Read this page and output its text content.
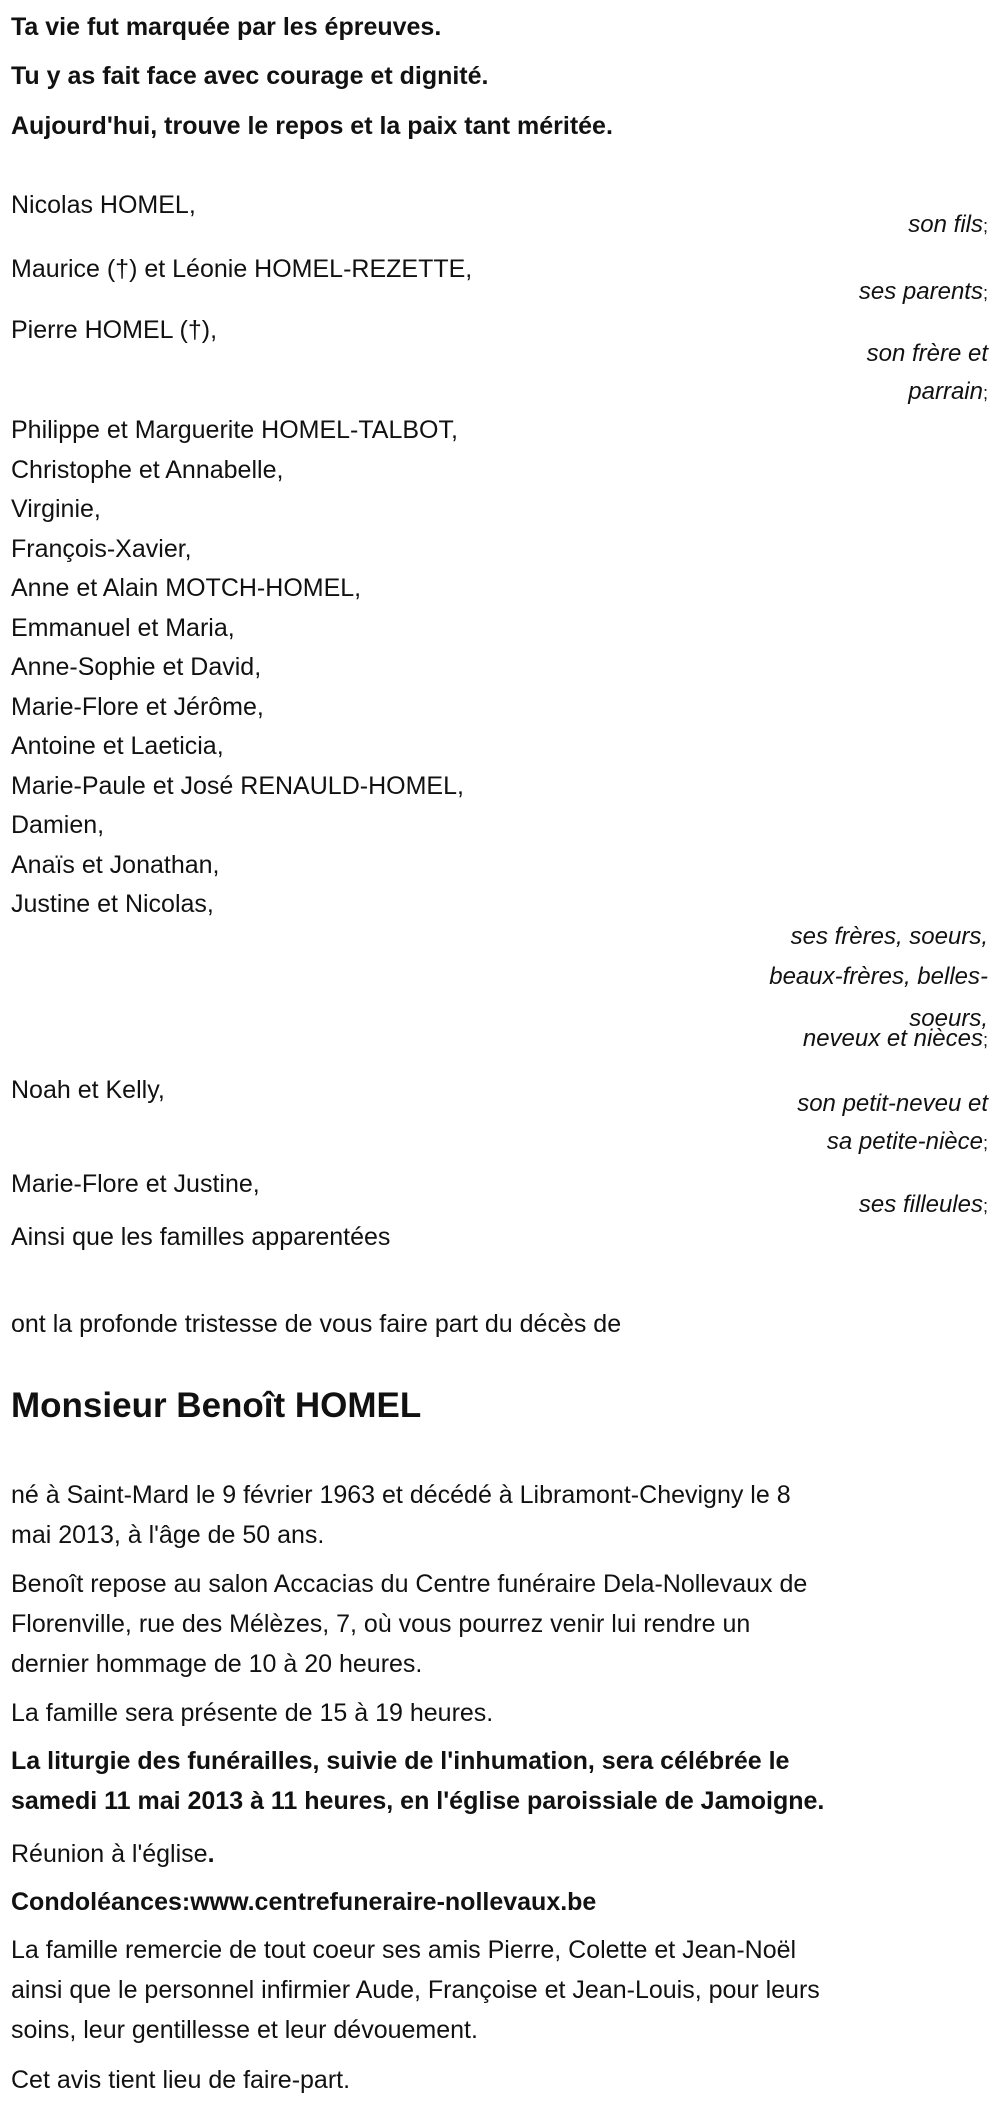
Ta vie fut marquée par les épreuves.
Tu y as fait face avec courage et dignité.
Aujourd'hui, trouve le repos et la paix tant méritée.
Nicolas HOMEL,
son fils;
Maurice (†) et Léonie HOMEL-REZETTE,
ses parents;
Pierre HOMEL (†),
son frère et
parrain;
Philippe et Marguerite HOMEL-TALBOT,
Christophe et Annabelle,
Virginie,
François-Xavier,
Anne et Alain MOTCH-HOMEL,
Emmanuel et Maria,
Anne-Sophie et David,
Marie-Flore et Jérôme,
Antoine et Laeticia,
Marie-Paule et José RENAULD-HOMEL,
Damien,
Anaïs et Jonathan,
Justine et Nicolas,
ses frères, soeurs,
beaux-frères, belles-
soeurs,
neveux et nièces;
Noah et Kelly,	son petit-neveu et
sa petite-nièce;
Marie-Flore et Justine,
ses filleules;
Ainsi que les familles apparentées
ont la profonde tristesse de vous faire part du décès de
Monsieur Benoît HOMEL
né à Saint-Mard le 9 février 1963 et décédé à Libramont-Chevigny le 8
mai 2013, à l'âge de 50 ans.
Benoît repose au salon Accacias du Centre funéraire Dela-Nollevaux de
Florenville, rue des Mélèzes, 7, où vous pourrez venir lui rendre un
dernier hommage de 10 à 20 heures.
La famille sera présente de 15 à 19 heures.
La liturgie des funérailles, suivie de l'inhumation, sera célébrée le
samedi 11 mai 2013 à 11 heures, en l'église paroissiale de Jamoigne.
Réunion à l'église.
Condoléances:www.centrefuneraire-nollevaux.be
La famille remercie de tout coeur ses amis Pierre, Colette et Jean-Noël
ainsi que le personnel infirmier Aude, Françoise et Jean-Louis, pour leurs
soins, leur gentillesse et leur dévouement.
Cet avis tient lieu de faire-part.
